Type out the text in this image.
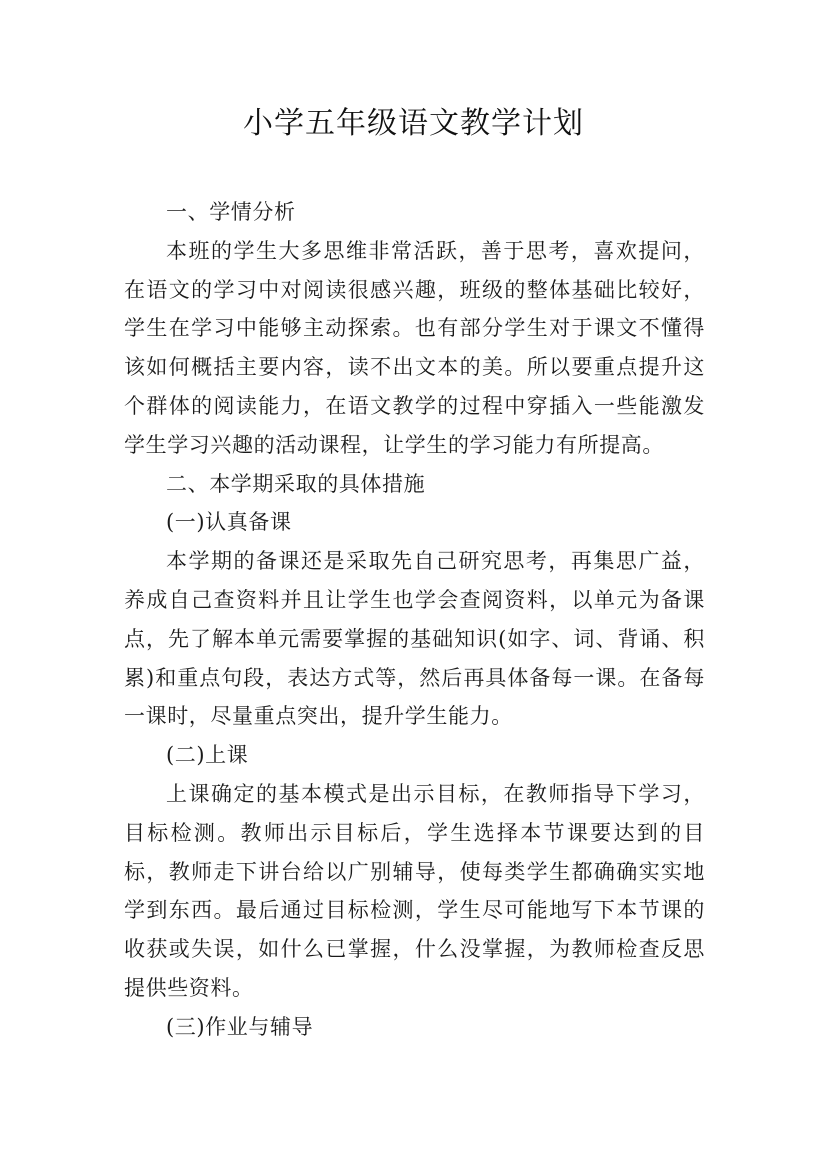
小学五年级语文教学计划

一、学情分析

本班的学生大多思维非常活跃，善于思考，喜欢提问，在语文的学习中对阅读很感兴趣，班级的整体基础比较好，学生在学习中能够主动探索。也有部分学生对于课文不懂得该如何概括主要内容，读不出文本的美。所以要重点提升这个群体的阅读能力，在语文教学的过程中穿插入一些能激发学生学习兴趣的活动课程，让学生的学习能力有所提高。

二、本学期采取的具体措施

(一)认真备课

本学期的备课还是采取先自己研究思考，再集思广益，养成自己查资料并且让学生也学会查阅资料，以单元为备课点，先了解本单元需要掌握的基础知识(如字、词、背诵、积累)和重点句段，表达方式等，然后再具体备每一课。在备每一课时，尽量重点突出，提升学生能力。

(二)上课

上课确定的基本模式是出示目标，在教师指导下学习，目标检测。教师出示目标后，学生选择本节课要达到的目标，教师走下讲台给以广别辅导，使每类学生都确确实实地学到东西。最后通过目标检测，学生尽可能地写下本节课的收获或失误，如什么已掌握，什么没掌握，为教师检查反思提供些资料。

(三)作业与辅导
